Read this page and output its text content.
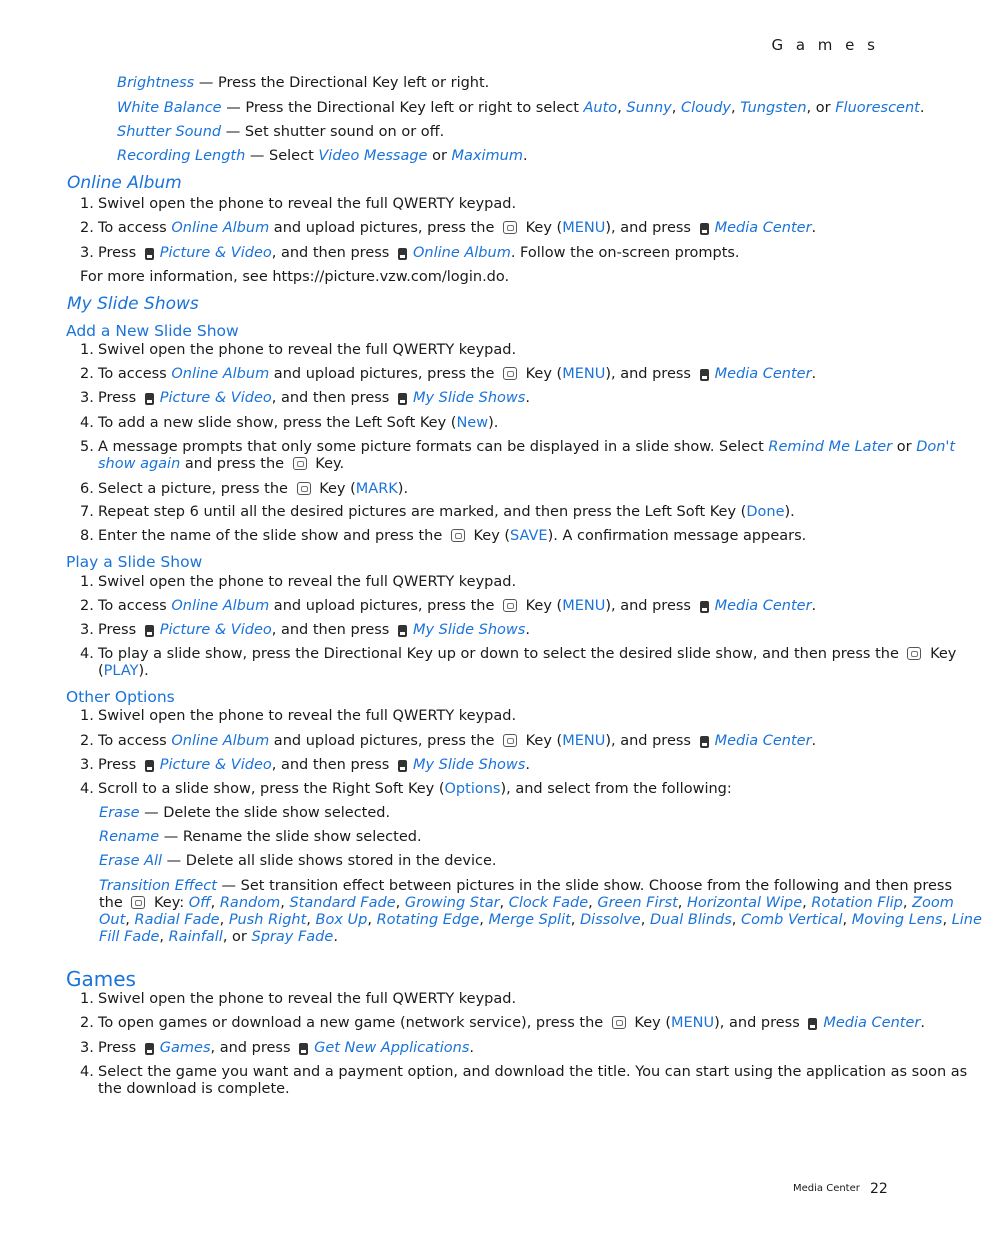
G a m e s
Brightness — Press the Directional Key left or right.
White Balance — Press the Directional Key left or right to select Auto, Sunny, Cloudy, Tungsten, or Fluorescent.
Shutter Sound — Set shutter sound on or off.
Recording Length — Select Video Message or Maximum.
Online Album
1. Swivel open the phone to reveal the full QWERTY keypad.
2. To access Online Album and upload pictures, press the  Key (MENU), and press Media Center.
3. Press Picture & Video, and then press Online Album. Follow the on-screen prompts.
For more information, see https://picture.vzw.com/login.do.
My Slide Shows
Add a New Slide Show
1. Swivel open the phone to reveal the full QWERTY keypad.
2. To access Online Album and upload pictures, press the  Key (MENU), and press Media Center.
3. Press Picture & Video, and then press My Slide Shows.
4. To add a new slide show, press the Left Soft Key (New).
5. A message prompts that only some picture formats can be displayed in a slide show. Select Remind Me Later or Don't
show again and press the  Key.
6. Select a picture, press the  Key (MARK).
7. Repeat step 6 until all the desired pictures are marked, and then press the Left Soft Key (Done).
8. Enter the name of the slide show and press the  Key (SAVE). A confirmation message appears.
Play a Slide Show
1. Swivel open the phone to reveal the full QWERTY keypad.
2. To access Online Album and upload pictures, press the  Key (MENU), and press Media Center.
3. Press Picture & Video, and then press My Slide Shows.
4. To play a slide show, press the Directional Key up or down to select the desired slide show, and then press the  Key
(PLAY).
Other Options
1. Swivel open the phone to reveal the full QWERTY keypad.
2. To access Online Album and upload pictures, press the  Key (MENU), and press Media Center.
3. Press Picture & Video, and then press My Slide Shows.
4. Scroll to a slide show, press the Right Soft Key (Options), and select from the following:
Erase — Delete the slide show selected.
Rename — Rename the slide show selected.
Erase All — Delete all slide shows stored in the device.
Transition Effect — Set transition effect between pictures in the slide show. Choose from the following and then press
the  Key: Off, Random, Standard Fade, Growing Star, Clock Fade, Green First, Horizontal Wipe, Rotation Flip, Zoom
Out, Radial Fade, Push Right, Box Up, Rotating Edge, Merge Split, Dissolve, Dual Blinds, Comb Vertical, Moving Lens, Line
Fill Fade, Rainfall, or Spray Fade.
Games
1. Swivel open the phone to reveal the full QWERTY keypad.
2. To open games or download a new game (network service), press the  Key (MENU), and press Media Center.
3. Press Games, and press Get New Applications.
4. Select the game you want and a payment option, and download the title. You can start using the application as soon as
the download is complete.
Media Center 22
